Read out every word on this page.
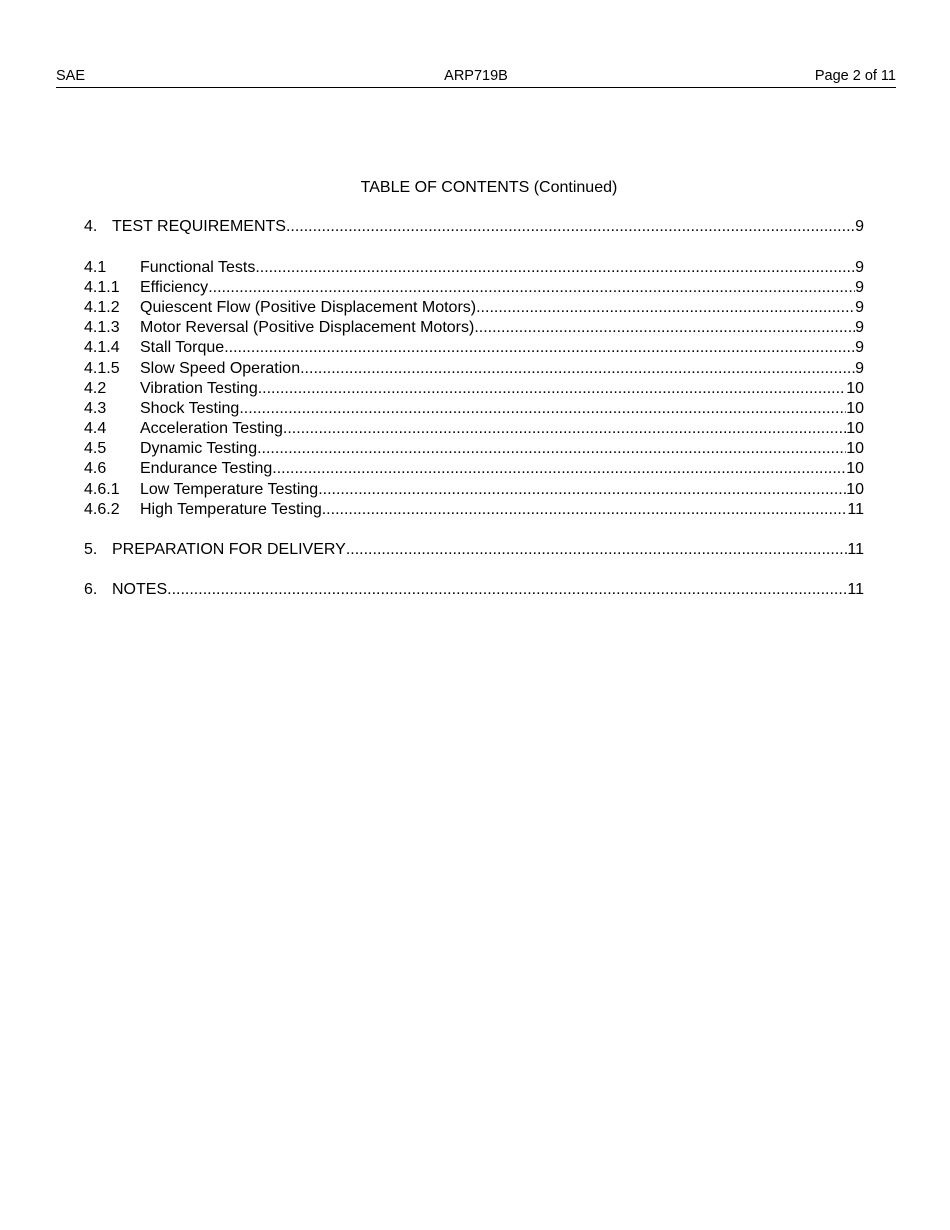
SAE	ARP719B	Page 2 of 11
TABLE OF CONTENTS (Continued)
4. TEST REQUIREMENTS .....	9
4.1	Functional Tests .....	9
4.1.1	Efficiency .....	9
4.1.2	Quiescent Flow (Positive Displacement Motors) .....	9
4.1.3	Motor Reversal (Positive Displacement Motors) .....	9
4.1.4	Stall Torque .....	9
4.1.5	Slow Speed Operation .....	9
4.2	Vibration Testing .....	10
4.3	Shock Testing .....	10
4.4	Acceleration Testing .....	10
4.5	Dynamic Testing .....	10
4.6	Endurance Testing .....	10
4.6.1	Low Temperature Testing .....	10
4.6.2	High Temperature Testing .....	11
5. PREPARATION FOR DELIVERY .....	11
6. NOTES .....	11
